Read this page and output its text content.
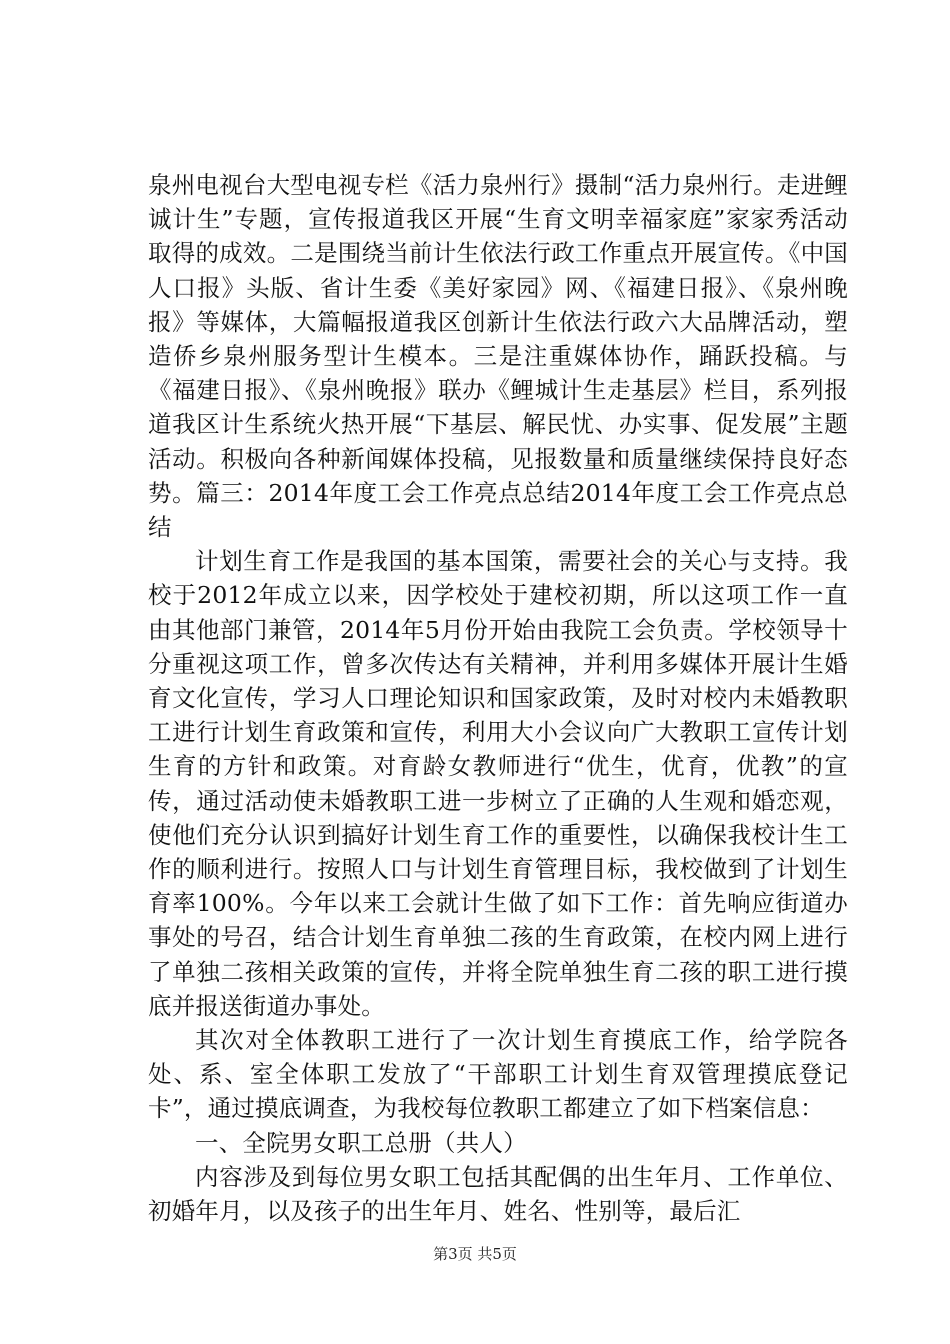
泉州电视台大型电视专栏《活力泉州行》摄制“活力泉州行。走进鲤诚计生”专题，宣传报道我区开展“生育文明幸福家庭”家家秀活动取得的成效。二是围绕当前计生依法行政工作重点开展宣传。《中国人口报》头版、省计生委《美好家园》网、《福建日报》、《泉州晚报》等媒体，大篇幅报道我区创新计生依法行政六大品牌活动，塑造侨乡泉州服务型计生模本。三是注重媒体协作，踊跃投稿。与《福建日报》、《泉州晚报》联办《鲤城计生走基层》栏目，系列报道我区计生系统火热开展“下基层、解民忧、办实事、促发展”主题活动。积极向各种新闻媒体投稿，见报数量和质量继续保持良好态势。篇三：2014年度工会工作亮点总结2014年度工会工作亮点总结

计划生育工作是我国的基本国策，需要社会的关心与支持。我校于2012年成立以来，因学校处于建校初期，所以这项工作一直由其他部门兼管，2014年5月份开始由我院工会负责。学校领导十分重视这项工作，曾多次传达有关精神，并利用多媒体开展计生婚育文化宣传，学习人口理论知识和国家政策，及时对校内未婚教职工进行计划生育政策和宣传，利用大小会议向广大教职工宣传计划生育的方针和政策。对育龄女教师进行“优生，优育，优教”的宣传，通过活动使未婚教职工进一步树立了正确的人生观和婚恋观，使他们充分认识到搞好计划生育工作的重要性，以确保我校计生工作的顺利进行。按照人口与计划生育管理目标，我校做到了计划生育率100%。今年以来工会就计生做了如下工作：首先响应街道办事处的号召，结合计划生育单独二孩的生育政策，在校内网上进行了单独二孩相关政策的宣传，并将全院单独生育二孩的职工进行摸底并报送街道办事处。

其次对全体教职工进行了一次计划生育摸底工作，给学院各处、系、室全体职工发放了“干部职工计划生育双管理摸底登记卡”，通过摸底调查，为我校每位教职工都建立了如下档案信息：

一、全院男女职工总册（共人）

内容涉及到每位男女职工包括其配偶的出生年月、工作单位、初婚年月，以及孩子的出生年月、姓名、性别等，最后汇

第3页 共5页
